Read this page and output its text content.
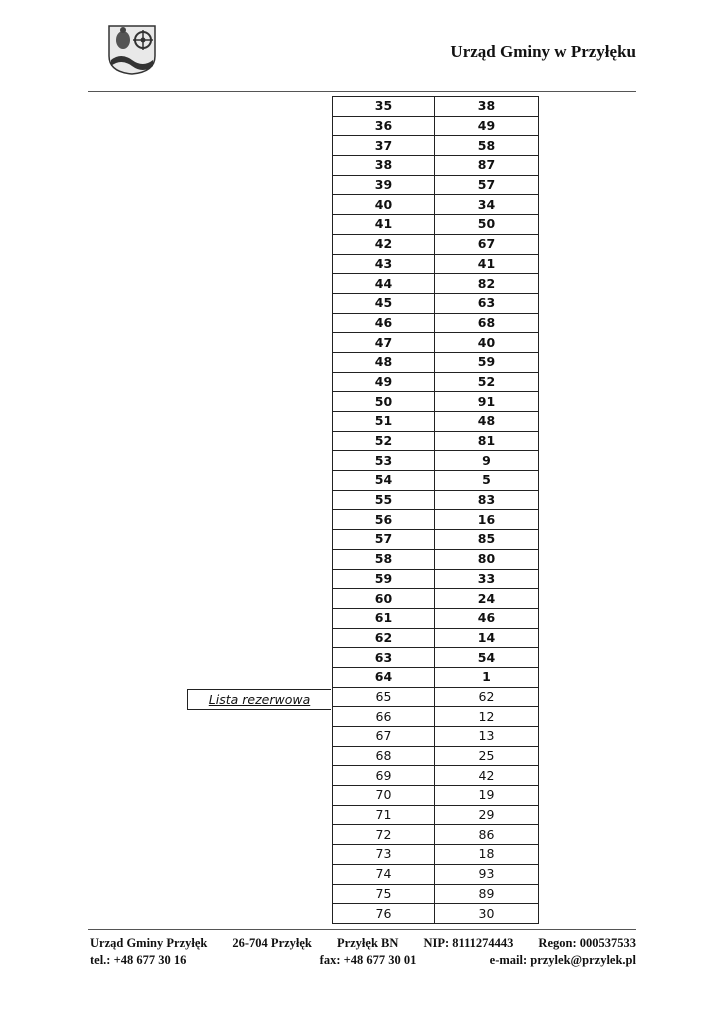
Urząd Gminy w Przyłęku
35	38
36	49
37	58
38	87
39	57
40	34
41	50
42	67
43	41
44	82
45	63
46	68
47	40
48	59
49	52
50	91
51	48
52	81
53	9
54	5
55	83
56	16
57	85
58	80
59	33
60	24
61	46
62	14
63	54
64	1
65	62
66	12
67	13
68	25
69	42
70	19
71	29
72	86
73	18
74	93
75	89
76	30
Lista rezerwowa
Urząd Gminy Przyłęk 26-704 Przyłęk Przyłęk BN NIP: 8111274443 Regon: 000537533
tel.: +48 677 30 16	fax: +48 677 30 01	e-mail: przylek@przylek.pl
